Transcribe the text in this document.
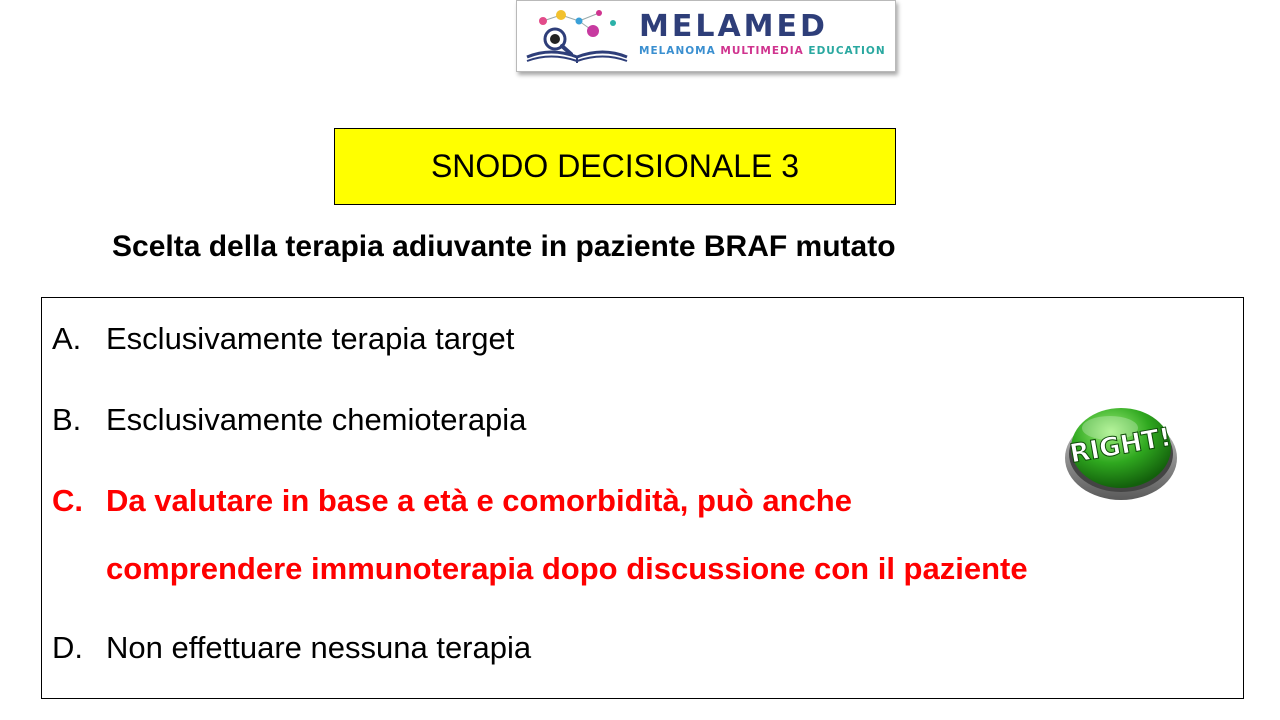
MELAMED
MELANOMA MULTIMEDIA EDUCATION
SNODO DECISIONALE 3
Scelta della terapia adiuvante in paziente BRAF mutato
A. Esclusivamente terapia target
B. Esclusivamente chemioterapia
C. Da valutare in base a età e comorbidità, può anche
comprendere immunoterapia dopo discussione con il paziente
D. Non effettuare nessuna terapia
RIGHT!
